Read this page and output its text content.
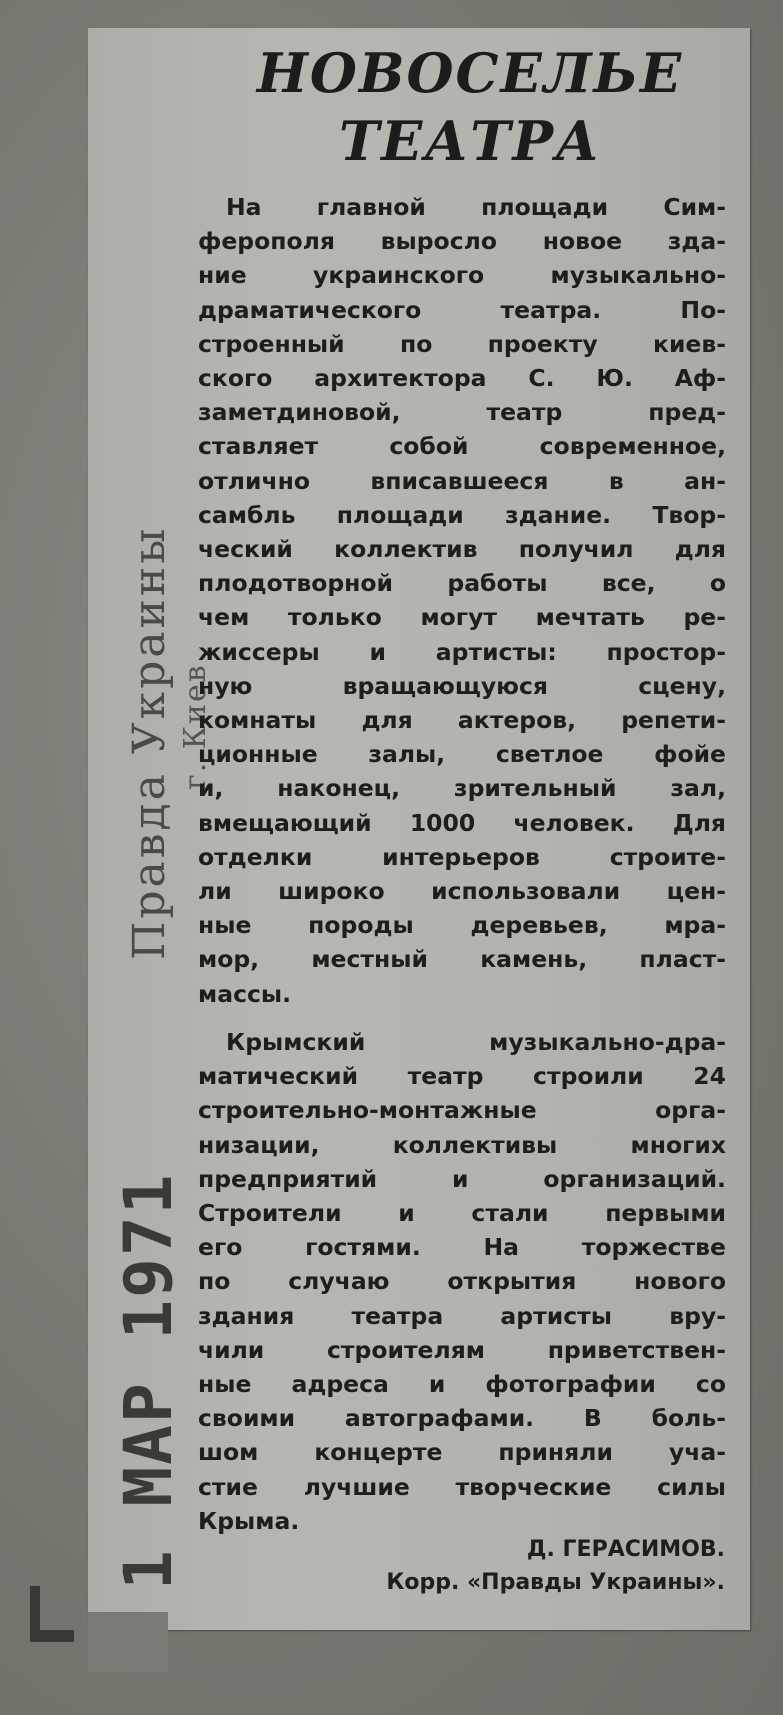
Правда Украины г. Киев
1 МАР 1971
НОВОСЕЛЬЕ
ТЕАТРА
На главной площади Сим-
ферополя выросло новое зда-
ние украинского музыкально-
драматического театра. По-
строенный по проекту киев-
ского архитектора С. Ю. Аф-
заметдиновой, театр пред-
ставляет собой современное,
отлично вписавшееся в ан-
самбль площади здание. Твор-
ческий коллектив получил для
плодотворной работы все, о
чем только могут мечтать ре-
жиссеры и артисты: простор-
ную вращающуюся сцену,
комнаты для актеров, репети-
ционные залы, светлое фойе
и, наконец, зрительный зал,
вмещающий 1000 человек. Для
отделки интерьеров строите-
ли широко использовали цен-
ные породы деревьев, мра-
мор, местный камень, пласт-
массы.
Крымский музыкально-дра-
матический театр строили 24
строительно-монтажные орга-
низации, коллективы многих
предприятий и организаций.
Строители и стали первыми
его гостями. На торжестве
по случаю открытия нового
здания театра артисты вру-
чили строителям приветствен-
ные адреса и фотографии со
своими автографами. В боль-
шом концерте приняли уча-
стие лучшие творческие силы
Крыма.
Д. ГЕРАСИМОВ.
Корр. «Правды Украины».
